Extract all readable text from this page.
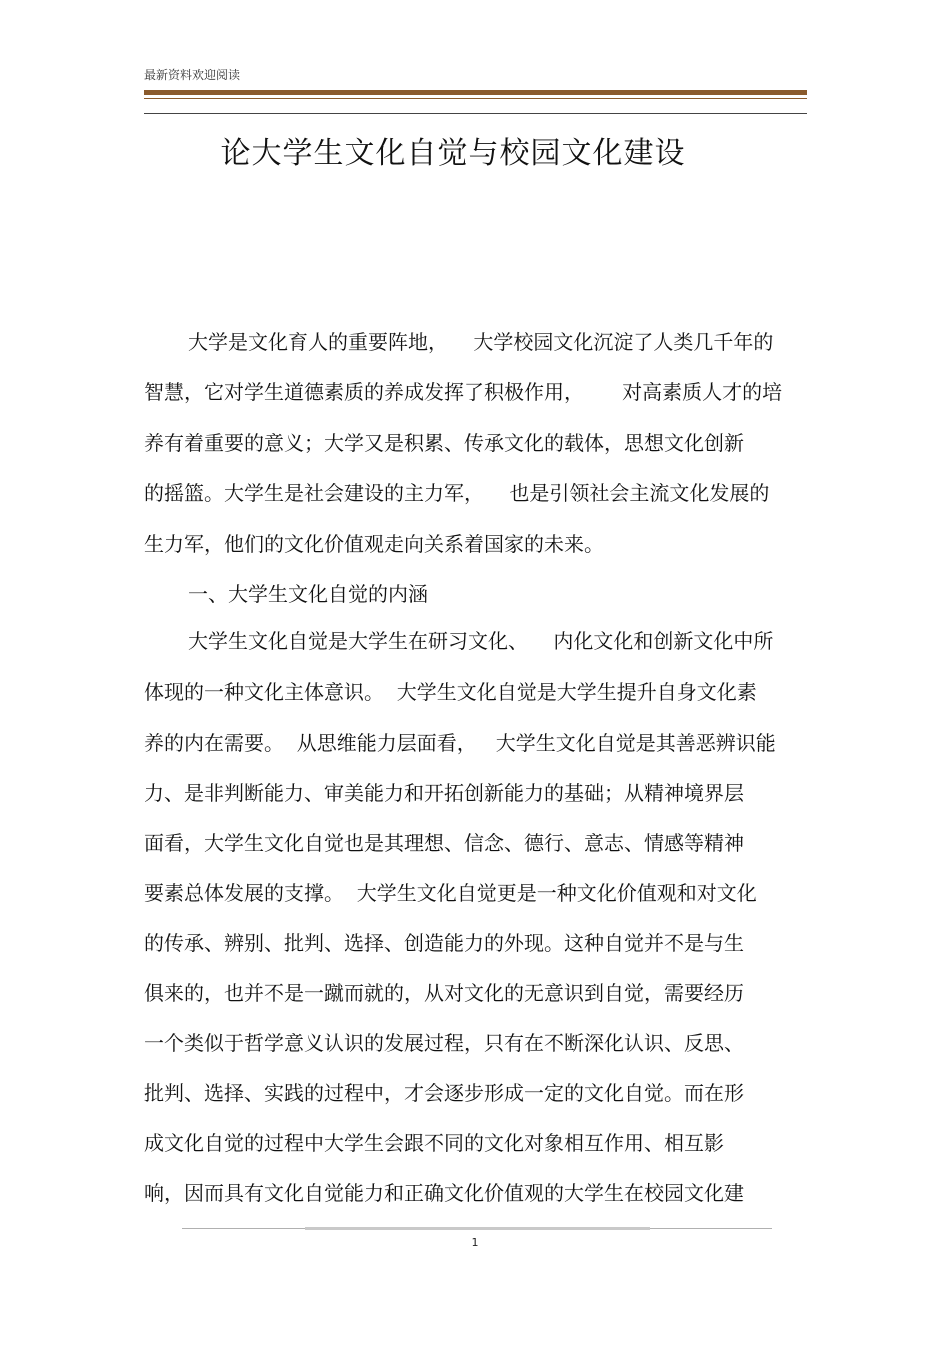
最新资料欢迎阅读
论大学生文化自觉与校园文化建设
大学是文化育人的重要阵地，    大学校园文化沉淀了人类几千年的
智慧，它对学生道德素质的养成发挥了积极作用，      对高素质人才的培
养有着重要的意义；大学又是积累、传承文化的载体，思想文化创新
的摇篮。大学生是社会建设的主力军，    也是引领社会主流文化发展的
生力军，他们的文化价值观走向关系着国家的未来。
一、大学生文化自觉的内涵
大学生文化自觉是大学生在研习文化、    内化文化和创新文化中所
体现的一种文化主体意识。  大学生文化自觉是大学生提升自身文化素
养的内在需要。  从思维能力层面看，   大学生文化自觉是其善恶辨识能
力、是非判断能力、审美能力和开拓创新能力的基础；从精神境界层
面看，大学生文化自觉也是其理想、信念、德行、意志、情感等精神
要素总体发展的支撑。  大学生文化自觉更是一种文化价值观和对文化
的传承、辨别、批判、选择、创造能力的外现。这种自觉并不是与生
俱来的，也并不是一蹴而就的，从对文化的无意识到自觉，需要经历
一个类似于哲学意义认识的发展过程，只有在不断深化认识、反思、
批判、选择、实践的过程中，才会逐步形成一定的文化自觉。而在形
成文化自觉的过程中大学生会跟不同的文化对象相互作用、相互影
响，因而具有文化自觉能力和正确文化价值观的大学生在校园文化建
1
